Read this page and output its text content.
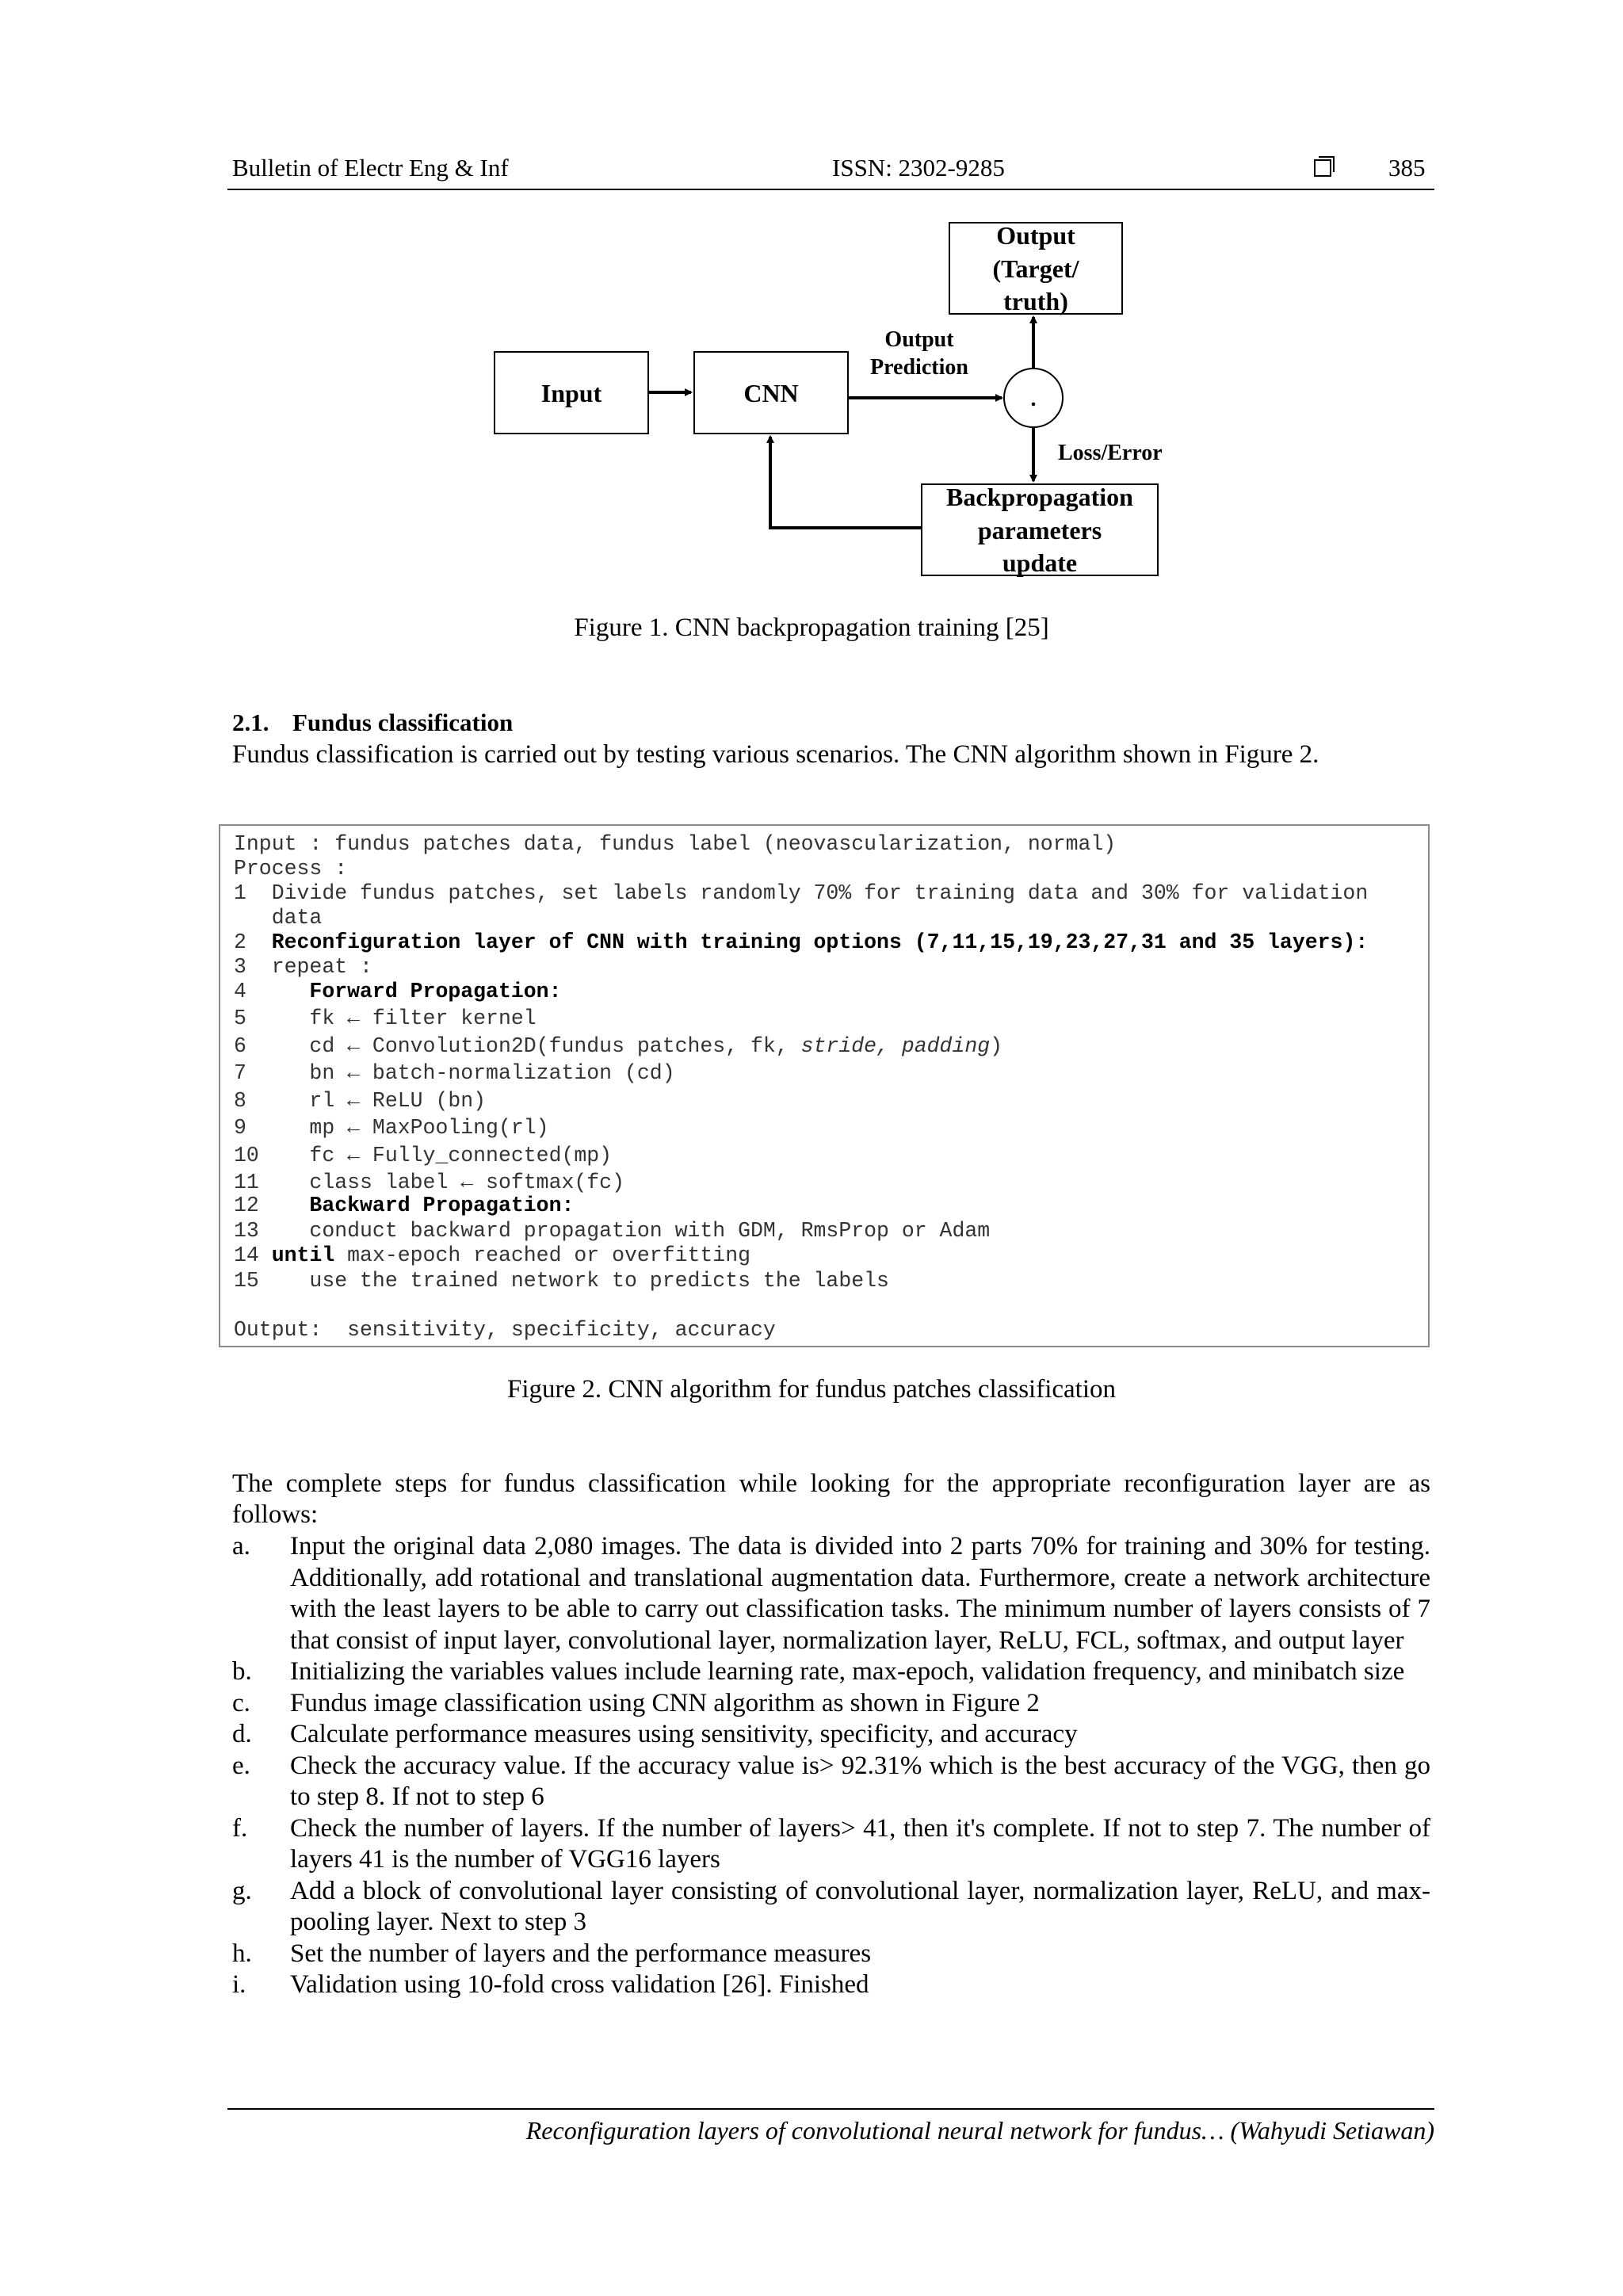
Bulletin of Electr Eng & Inf	ISSN: 2302-9285	385
Input	CNN
Output
(Target/
truth)
.
Backpropagation
parameters
update
Output
Prediction
Loss/Error
Figure 1. CNN backpropagation training [25]
2.1. Fundus classification
Fundus classification is carried out by testing various scenarios. The CNN algorithm shown in Figure 2.
Input : fundus patches data, fundus label (neovascularization, normal)
Process :
1  Divide fundus patches, set labels randomly 70% for training data and 30% for validation
data
2  Reconfiguration layer of CNN with training options (7,11,15,19,23,27,31 and 35 layers):
3  repeat :
4     Forward Propagation:
5     fk ← filter kernel
6     cd ← Convolution2D(fundus patches, fk, stride, padding)
7     bn ← batch-normalization (cd)
8     rl ← ReLU (bn)
9     mp ← MaxPooling(rl)
10    fc ← Fully_connected(mp)
11    class label ← softmax(fc)
12    Backward Propagation:
13    conduct backward propagation with GDM, RmsProp or Adam
14 until max-epoch reached or overfitting
15    use the trained network to predicts the labels
Output:  sensitivity, specificity, accuracy
Figure 2. CNN algorithm for fundus patches classification
The complete steps for fundus classification while looking for the appropriate reconfiguration layer are as follows:
a. Input the original data 2,080 images. The data is divided into 2 parts 70% for training and 30% for testing. Additionally, add rotational and translational augmentation data. Furthermore, create a network architecture with the least layers to be able to carry out classification tasks. The minimum number of layers consists of 7 that consist of input layer, convolutional layer, normalization layer, ReLU, FCL, softmax, and output layer
b. Initializing the variables values include learning rate, max-epoch, validation frequency, and minibatch size
c. Fundus image classification using CNN algorithm as shown in Figure 2
d. Calculate performance measures using sensitivity, specificity, and accuracy
e. Check the accuracy value. If the accuracy value is> 92.31% which is the best accuracy of the VGG, then go to step 8. If not to step 6
f. Check the number of layers. If the number of layers> 41, then it's complete. If not to step 7. The number of layers 41 is the number of VGG16 layers
g. Add a block of convolutional layer consisting of convolutional layer, normalization layer, ReLU, and max-pooling layer. Next to step 3
h. Set the number of layers and the performance measures
i. Validation using 10-fold cross validation [26]. Finished
Reconfiguration layers of convolutional neural network for fundus… (Wahyudi Setiawan)
